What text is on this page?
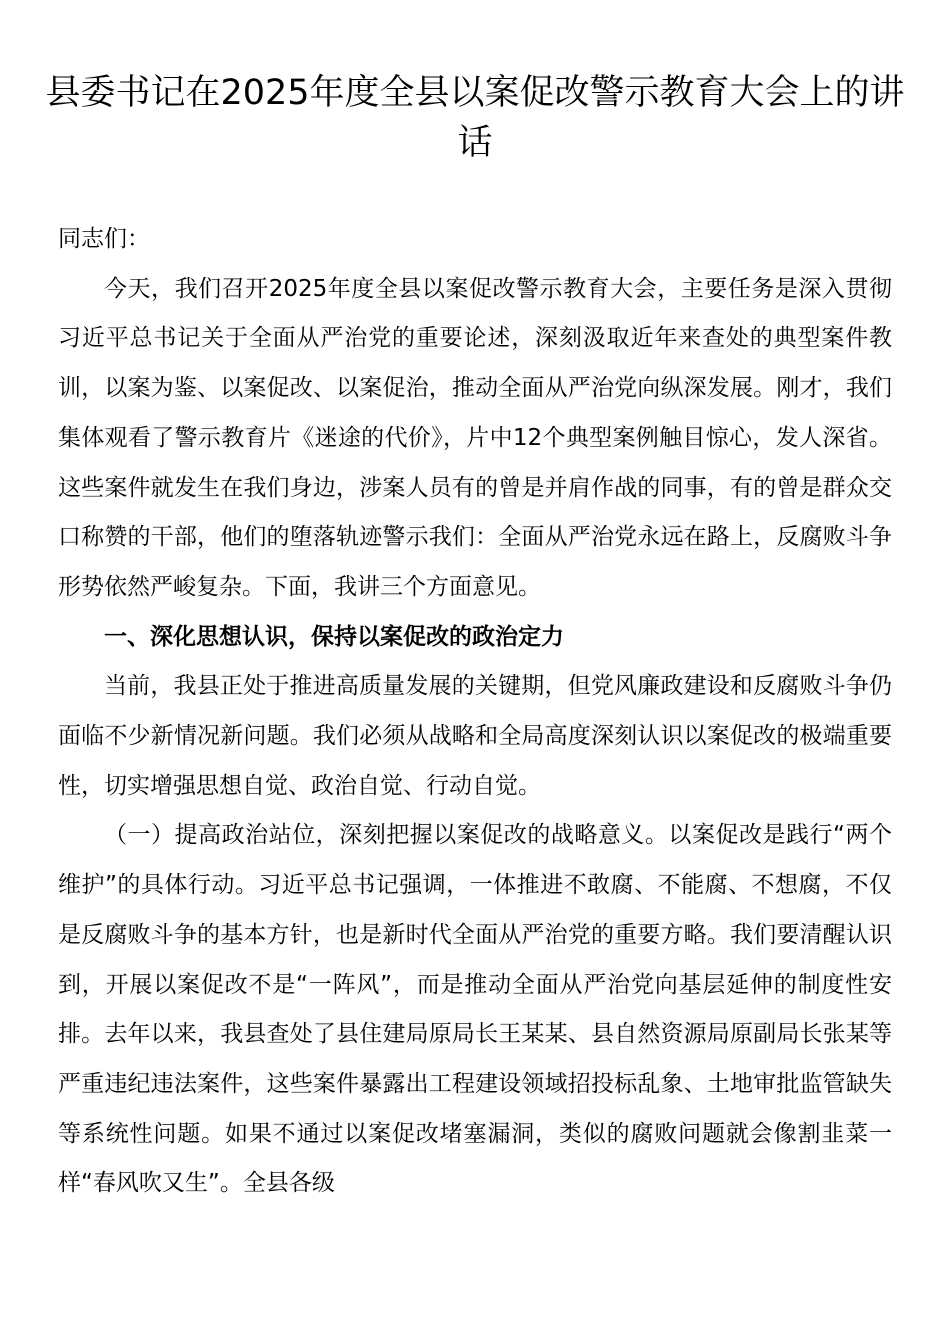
县委书记在2025年度全县以案促改警示教育大会上的讲话

同志们：

今天，我们召开2025年度全县以案促改警示教育大会，主要任务是深入贯彻习近平总书记关于全面从严治党的重要论述，深刻汲取近年来查处的典型案件教训，以案为鉴、以案促改、以案促治，推动全面从严治党向纵深发展。刚才，我们集体观看了警示教育片《迷途的代价》，片中12个典型案例触目惊心，发人深省。这些案件就发生在我们身边，涉案人员有的曾是并肩作战的同事，有的曾是群众交口称赞的干部，他们的堕落轨迹警示我们：全面从严治党永远在路上，反腐败斗争形势依然严峻复杂。下面，我讲三个方面意见。

一、深化思想认识，保持以案促改的政治定力

当前，我县正处于推进高质量发展的关键期，但党风廉政建设和反腐败斗争仍面临不少新情况新问题。我们必须从战略和全局高度深刻认识以案促改的极端重要性，切实增强思想自觉、政治自觉、行动自觉。

（一）提高政治站位，深刻把握以案促改的战略意义。以案促改是践行“两个维护”的具体行动。习近平总书记强调，一体推进不敢腐、不能腐、不想腐，不仅是反腐败斗争的基本方针，也是新时代全面从严治党的重要方略。我们要清醒认识到，开展以案促改不是“一阵风”，而是推动全面从严治党向基层延伸的制度性安排。去年以来，我县查处了县住建局原局长王某某、县自然资源局原副局长张某等严重违纪违法案件，这些案件暴露出工程建设领域招投标乱象、土地审批监管缺失等系统性问题。如果不通过以案促改堵塞漏洞，类似的腐败问题就会像割韭菜一样“春风吹又生”。全县各级
